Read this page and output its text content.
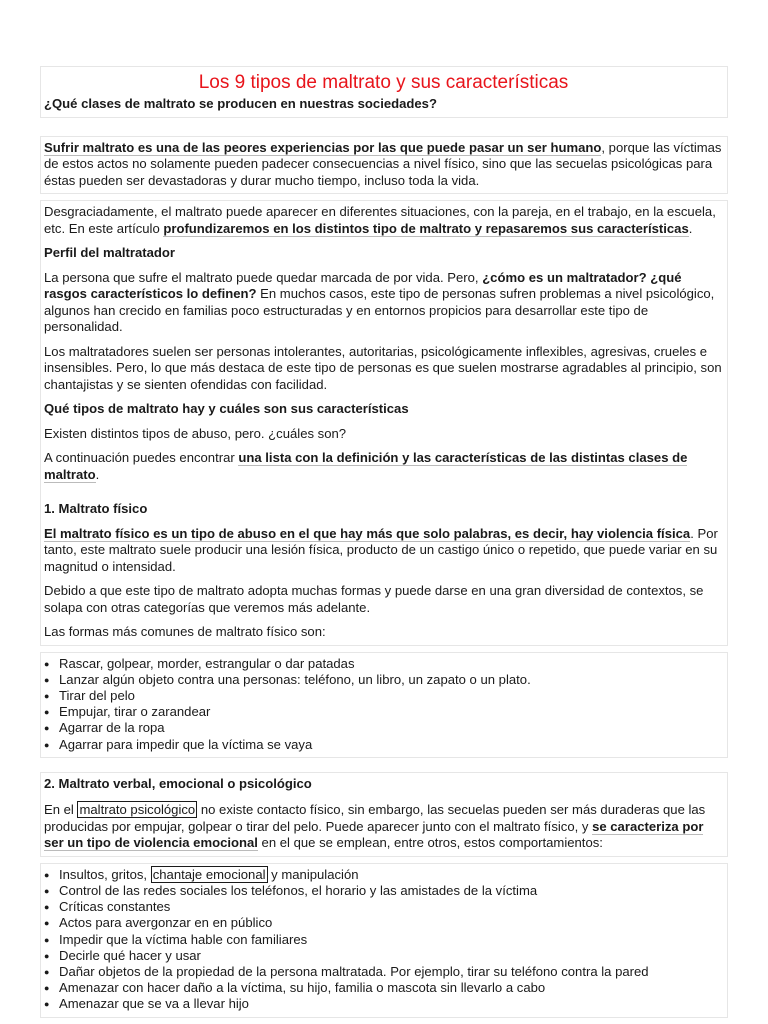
Los 9 tipos de maltrato y sus características

¿Qué clases de maltrato se producen en nuestras sociedades?

Sufrir maltrato es una de las peores experiencias por las que puede pasar un ser humano, porque las víctimas de estos actos no solamente pueden padecer consecuencias a nivel físico, sino que las secuelas psicológicas para éstas pueden ser devastadoras y durar mucho tiempo, incluso toda la vida.

Desgraciadamente, el maltrato puede aparecer en diferentes situaciones, con la pareja, en el trabajo, en la escuela, etc. En este artículo profundizaremos en los distintos tipo de maltrato y repasaremos sus características.

Perfil del maltratador

La persona que sufre el maltrato puede quedar marcada de por vida. Pero, ¿cómo es un maltratador? ¿qué rasgos característicos lo definen? En muchos casos, este tipo de personas sufren problemas a nivel psicológico, algunos han crecido en familias poco estructuradas y en entornos propicios para desarrollar este tipo de personalidad.

Los maltratadores suelen ser personas intolerantes, autoritarias, psicológicamente inflexibles, agresivas, crueles e insensibles. Pero, lo que más destaca de este tipo de personas es que suelen mostrarse agradables al principio, son chantajistas y se sienten ofendidas con facilidad.

Qué tipos de maltrato hay y cuáles son sus características

Existen distintos tipos de abuso, pero. ¿cuáles son?

A continuación puedes encontrar una lista con la definición y las características de las distintas clases de maltrato.

1. Maltrato físico

El maltrato físico es un tipo de abuso en el que hay más que solo palabras, es decir, hay violencia física. Por tanto, este maltrato suele producir una lesión física, producto de un castigo único o repetido, que puede variar en su magnitud o intensidad.

Debido a que este tipo de maltrato adopta muchas formas y puede darse en una gran diversidad de contextos, se solapa con otras categorías que veremos más adelante.

Las formas más comunes de maltrato físico son:

● Rascar, golpear, morder, estrangular o dar patadas
● Lanzar algún objeto contra una personas: teléfono, un libro, un zapato o un plato.
● Tirar del pelo
● Empujar, tirar o zarandear
● Agarrar de la ropa
● Agarrar para impedir que la víctima se vaya

2. Maltrato verbal, emocional o psicológico

En el maltrato psicológico no existe contacto físico, sin embargo, las secuelas pueden ser más duraderas que las producidas por empujar, golpear o tirar del pelo. Puede aparecer junto con el maltrato físico, y se caracteriza por ser un tipo de violencia emocional en el que se emplean, entre otros, estos comportamientos:

● Insultos, gritos, chantaje emocional y manipulación
● Control de las redes sociales los teléfonos, el horario y las amistades de la víctima
● Críticas constantes
● Actos para avergonzar en en público
● Impedir que la víctima hable con familiares
● Decirle qué hacer y usar
● Dañar objetos de la propiedad de la persona maltratada. Por ejemplo, tirar su teléfono contra la pared
● Amenazar con hacer daño a la víctima, su hijo, familia o mascota sin llevarlo a cabo
● Amenazar que se va a llevar hijo
